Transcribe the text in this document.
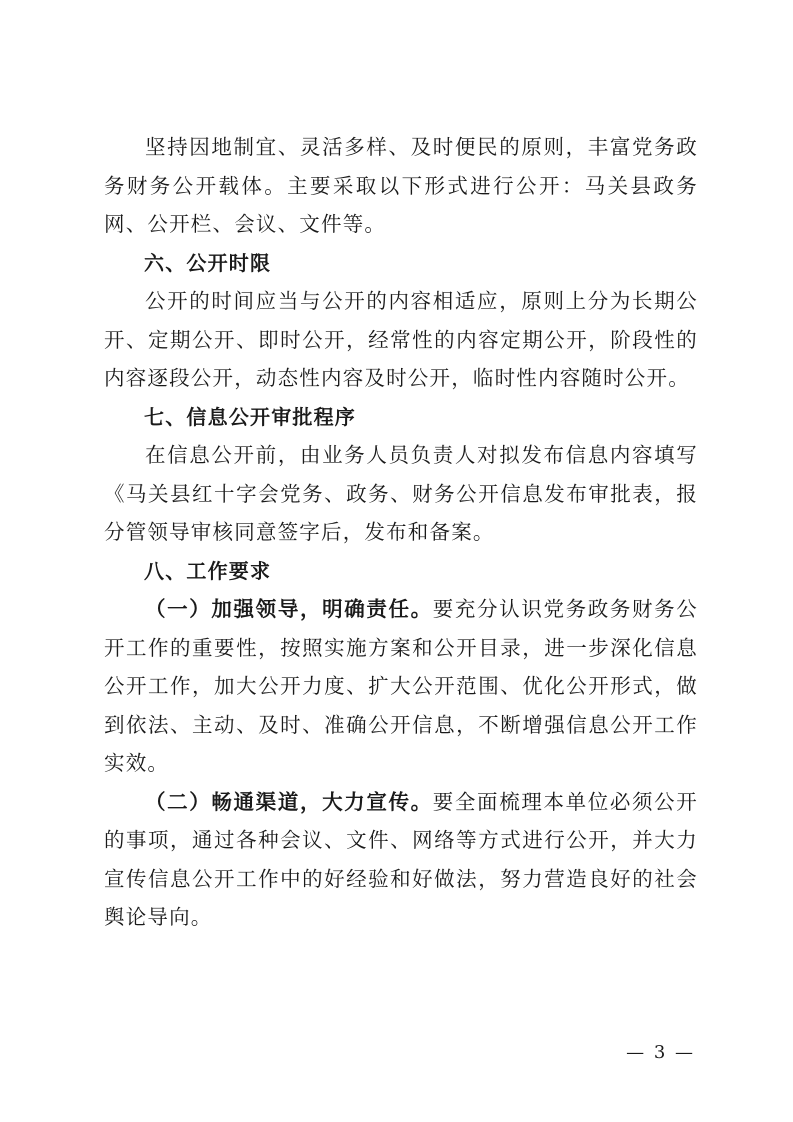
坚持因地制宜、灵活多样、及时便民的原则，丰富党务政务财务公开载体。主要采取以下形式进行公开：马关县政务网、公开栏、会议、文件等。

六、公开时限

公开的时间应当与公开的内容相适应，原则上分为长期公开、定期公开、即时公开，经常性的内容定期公开，阶段性的内容逐段公开，动态性内容及时公开，临时性内容随时公开。

七、信息公开审批程序

在信息公开前，由业务人员负责人对拟发布信息内容填写《马关县红十字会党务、政务、财务公开信息发布审批表，报分管领导审核同意签字后，发布和备案。

八、工作要求

（一）加强领导，明确责任。要充分认识党务政务财务公开工作的重要性，按照实施方案和公开目录，进一步深化信息公开工作，加大公开力度、扩大公开范围、优化公开形式，做到依法、主动、及时、准确公开信息，不断增强信息公开工作实效。

（二）畅通渠道，大力宣传。要全面梳理本单位必须公开的事项，通过各种会议、文件、网络等方式进行公开，并大力宣传信息公开工作中的好经验和好做法，努力营造良好的社会舆论导向。

— 3 —
